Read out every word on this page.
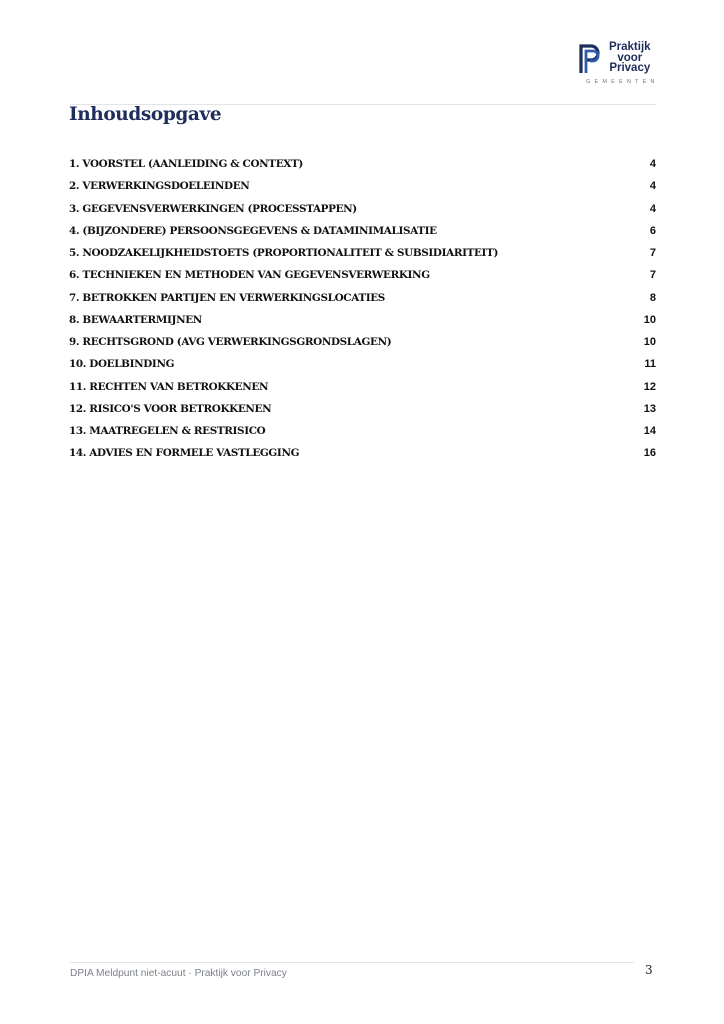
Praktijk
voor
Privacy
GEMEENTEN
Inhoudsopgave
1. VOORSTEL (AANLEIDING & CONTEXT)	4
2. VERWERKINGSDOELEINDEN	4
3. GEGEVENSVERWERKINGEN (PROCESSTAPPEN)	4
4. (BIJZONDERE) PERSOONSGEGEVENS & DATAMINIMALISATIE	6
5. NOODZAKELIJKHEIDSTOETS (PROPORTIONALITEIT & SUBSIDIARITEIT)	7
6. TECHNIEKEN EN METHODEN VAN GEGEVENSVERWERKING	7
7. BETROKKEN PARTIJEN EN VERWERKINGSLOCATIES	8
8. BEWAARTERMIJNEN	10
9. RECHTSGROND (AVG VERWERKINGSGRONDSLAGEN)	10
10. DOELBINDING	11
11. RECHTEN VAN BETROKKENEN	12
12. RISICO'S VOOR BETROKKENEN	13
13. MAATREGELEN & RESTRISICO	14
14. ADVIES EN FORMELE VASTLEGGING	16
DPIA Meldpunt niet-acuut · Praktijk voor Privacy	3
